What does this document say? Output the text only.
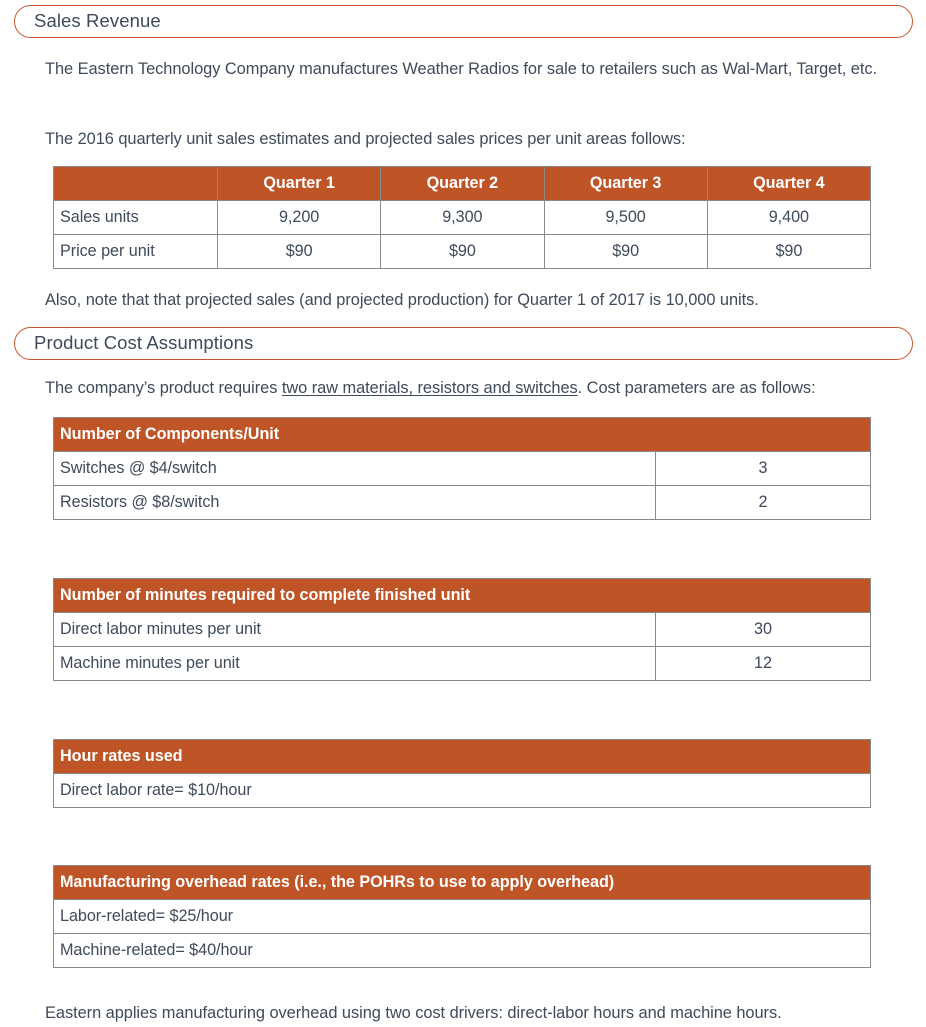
Sales Revenue
The Eastern Technology Company manufactures Weather Radios for sale to retailers such as Wal-Mart, Target, etc.
The 2016 quarterly unit sales estimates and projected sales prices per unit areas follows:
	Quarter 1	Quarter 2	Quarter 3	Quarter 4
Sales units	9,200	9,300	9,500	9,400
Price per unit	$90	$90	$90	$90
Also, note that that projected sales (and projected production) for Quarter 1 of 2017 is 10,000 units.
Product Cost Assumptions
The company’s product requires two raw materials, resistors and switches. Cost parameters are as follows:
Number of Components/Unit	
Switches @ $4/switch	3
Resistors @ $8/switch	2
Number of minutes required to complete finished unit	
Direct labor minutes per unit	30
Machine minutes per unit	12
Hour rates used
Direct labor rate= $10/hour
Manufacturing overhead rates (i.e., the POHRs to use to apply overhead)
Labor-related= $25/hour
Machine-related= $40/hour
Eastern applies manufacturing overhead using two cost drivers: direct-labor hours and machine hours.
